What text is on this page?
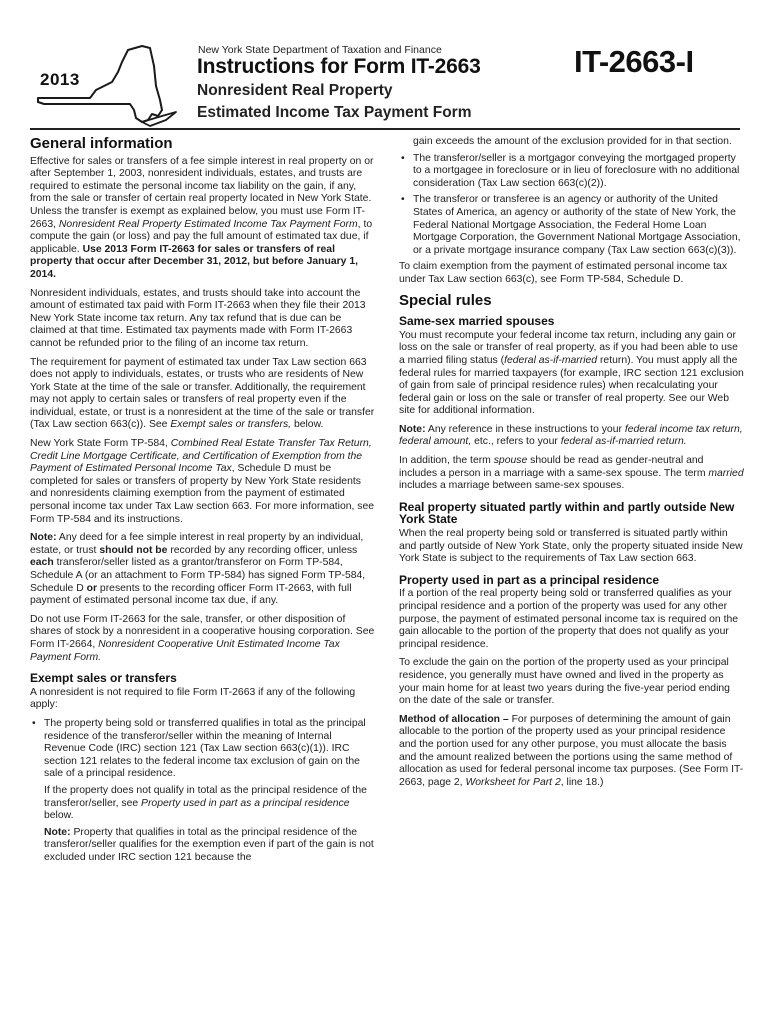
2013
New York State Department of Taxation and Finance
Instructions for Form IT-2663
Nonresident Real Property
Estimated Income Tax Payment Form
IT-2663-I
General information

Effective for sales or transfers of a fee simple interest in real property on or after September 1, 2003, nonresident individuals, estates, and trusts are required to estimate the personal income tax liability on the gain, if any, from the sale or transfer of certain real property located in New York State. Unless the transfer is exempt as explained below, you must use Form IT-2663, Nonresident Real Property Estimated Income Tax Payment Form, to compute the gain (or loss) and pay the full amount of estimated tax due, if applicable. Use 2013 Form IT-2663 for sales or transfers of real property that occur after December 31, 2012, but before January 1, 2014.

Nonresident individuals, estates, and trusts should take into account the amount of estimated tax paid with Form IT-2663 when they file their 2013 New York State income tax return. Any tax refund that is due can be claimed at that time. Estimated tax payments made with Form IT-2663 cannot be refunded prior to the filing of an income tax return.

The requirement for payment of estimated tax under Tax Law section 663 does not apply to individuals, estates, or trusts who are residents of New York State at the time of the sale or transfer. Additionally, the requirement may not apply to certain sales or transfers of real property even if the individual, estate, or trust is a nonresident at the time of the sale or transfer (Tax Law section 663(c)). See Exempt sales or transfers, below.

New York State Form TP-584, Combined Real Estate Transfer Tax Return, Credit Line Mortgage Certificate, and Certification of Exemption from the Payment of Estimated Personal Income Tax, Schedule D must be completed for sales or transfers of property by New York State residents and nonresidents claiming exemption from the payment of estimated personal income tax under Tax Law section 663. For more information, see Form TP-584 and its instructions.

Note: Any deed for a fee simple interest in real property by an individual, estate, or trust should not be recorded by any recording officer, unless each transferor/seller listed as a grantor/transferor on Form TP-584, Schedule A (or an attachment to Form TP-584) has signed Form TP-584, Schedule D or presents to the recording officer Form IT-2663, with full payment of estimated personal income tax due, if any.

Do not use Form IT-2663 for the sale, transfer, or other disposition of shares of stock by a nonresident in a cooperative housing corporation. See Form IT-2664, Nonresident Cooperative Unit Estimated Income Tax Payment Form.

Exempt sales or transfers

A nonresident is not required to file Form IT-2663 if any of the following apply:

• The property being sold or transferred qualifies in total as the principal residence of the transferor/seller within the meaning of Internal Revenue Code (IRC) section 121 (Tax Law section 663(c)(1)). IRC section 121 relates to the federal income tax exclusion of gain on the sale of a principal residence.
If the property does not qualify in total as the principal residence of the transferor/seller, see Property used in part as a principal residence below.
Note: Property that qualifies in total as the principal residence of the transferor/seller qualifies for the exemption even if part of the gain is not excluded under IRC section 121 because the
gain exceeds the amount of the exclusion provided for in that section.
• The transferor/seller is a mortgagor conveying the mortgaged property to a mortgagee in foreclosure or in lieu of foreclosure with no additional consideration (Tax Law section 663(c)(2)).
• The transferor or transferee is an agency or authority of the United States of America, an agency or authority of the state of New York, the Federal National Mortgage Association, the Federal Home Loan Mortgage Corporation, the Government National Mortgage Association, or a private mortgage insurance company (Tax Law section 663(c)(3)).

To claim exemption from the payment of estimated personal income tax under Tax Law section 663(c), see Form TP-584, Schedule D.

Special rules
Same-sex married spouses

You must recompute your federal income tax return, including any gain or loss on the sale or transfer of real property, as if you had been able to use a married filing status (federal as-if-married return). You must apply all the federal rules for married taxpayers (for example, IRC section 121 exclusion of gain from sale of principal residence rules) when recalculating your federal gain or loss on the sale or transfer of real property. See our Web site for additional information.

Note: Any reference in these instructions to your federal income tax return, federal amount, etc., refers to your federal as-if-married return.

In addition, the term spouse should be read as gender-neutral and includes a person in a marriage with a same-sex spouse. The term married includes a marriage between same-sex spouses.

Real property situated partly within and partly outside New York State

When the real property being sold or transferred is situated partly within and partly outside of New York State, only the property situated inside New York State is subject to the requirements of Tax Law section 663.

Property used in part as a principal residence

If a portion of the real property being sold or transferred qualifies as your principal residence and a portion of the property was used for any other purpose, the payment of estimated personal income tax is required on the gain allocable to the portion of the property that does not qualify as your principal residence.

To exclude the gain on the portion of the property used as your principal residence, you generally must have owned and lived in the property as your main home for at least two years during the five-year period ending on the date of the sale or transfer.

Method of allocation – For purposes of determining the amount of gain allocable to the portion of the property used as your principal residence and the portion used for any other purpose, you must allocate the basis and the amount realized between the portions using the same method of allocation as used for federal personal income tax purposes. (See Form IT-2663, page 2, Worksheet for Part 2, line 18.)
